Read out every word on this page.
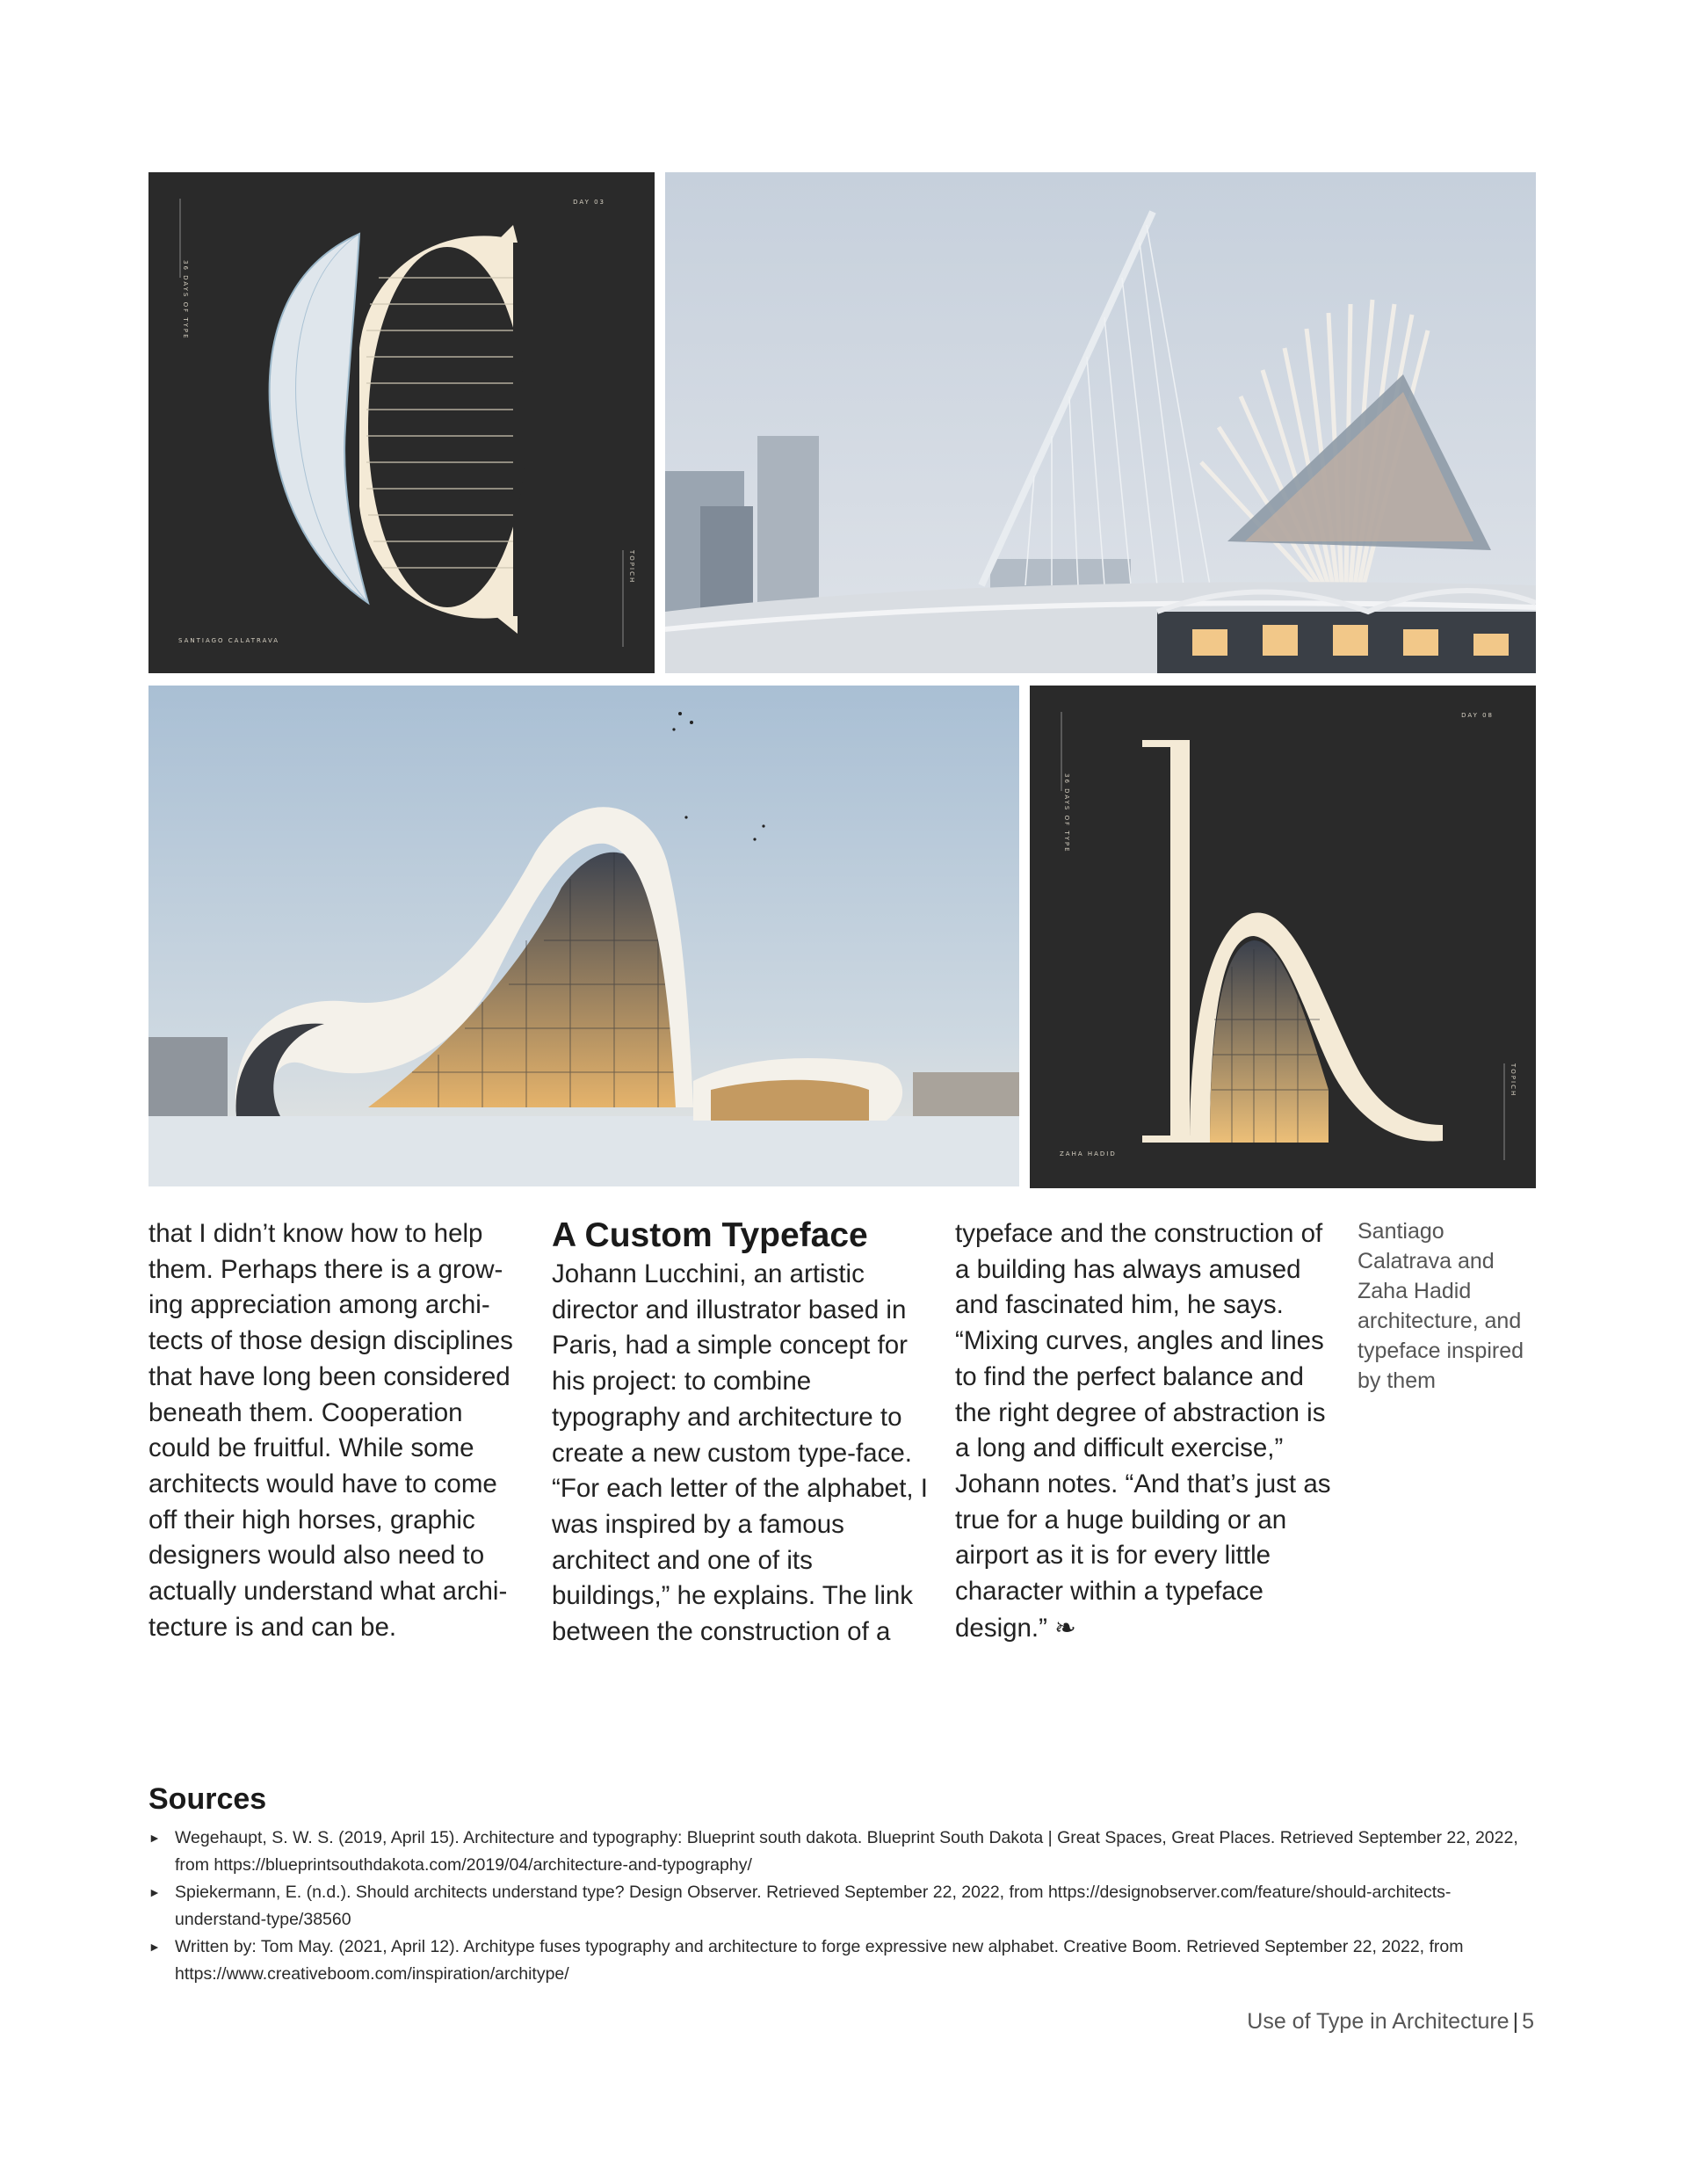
DAY 03
36 DAYS OF TYPE
TOPICH
SANTIAGO CALATRAVA
DAY 08
36 DAYS OF TYPE
TOPICH
ZAHA HADID

that I didn’t know how to help them. Perhaps there is a grow-ing appreciation among archi-tects of those design disciplines that have long been considered beneath them. Cooperation could be fruitful. While some architects would have to come off their high horses, graphic designers would also need to actually understand what archi-tecture is and can be.

A Custom Typeface

Johann Lucchini, an artistic director and illustrator based in Paris, had a simple concept for his project: to combine typography and architecture to create a new custom type-face. “For each letter of the alphabet, I was inspired by a famous architect and one of its buildings,” he explains. The link between the construction of a

typeface and the construction of a building has always amused and fascinated him, he says. “Mixing curves, angles and lines to find the perfect balance and the right degree of abstraction is a long and difficult exercise,” Johann notes. “And that’s just as true for a huge building or an airport as it is for every little character within a typeface design.” ❧

Santiago Calatrava and Zaha Hadid architecture, and typeface inspired by them
Sources
► Wegehaupt, S. W. S. (2019, April 15). Architecture and typography: Blueprint south dakota. Blueprint South Dakota | Great Spaces, Great Places. Retrieved September 22, 2022, from https://blueprintsouthdakota.com/2019/04/architecture-and-typography/
► Spiekermann, E. (n.d.). Should architects understand type? Design Observer. Retrieved September 22, 2022, from https://designobserver.com/feature/should-architects-understand-type/38560
► Written by: Tom May. (2021, April 12). Architype fuses typography and architecture to forge expressive new alphabet. Creative Boom. Retrieved September 22, 2022, from https://www.creativeboom.com/inspiration/architype/
Use of Type in Architecture | 5
